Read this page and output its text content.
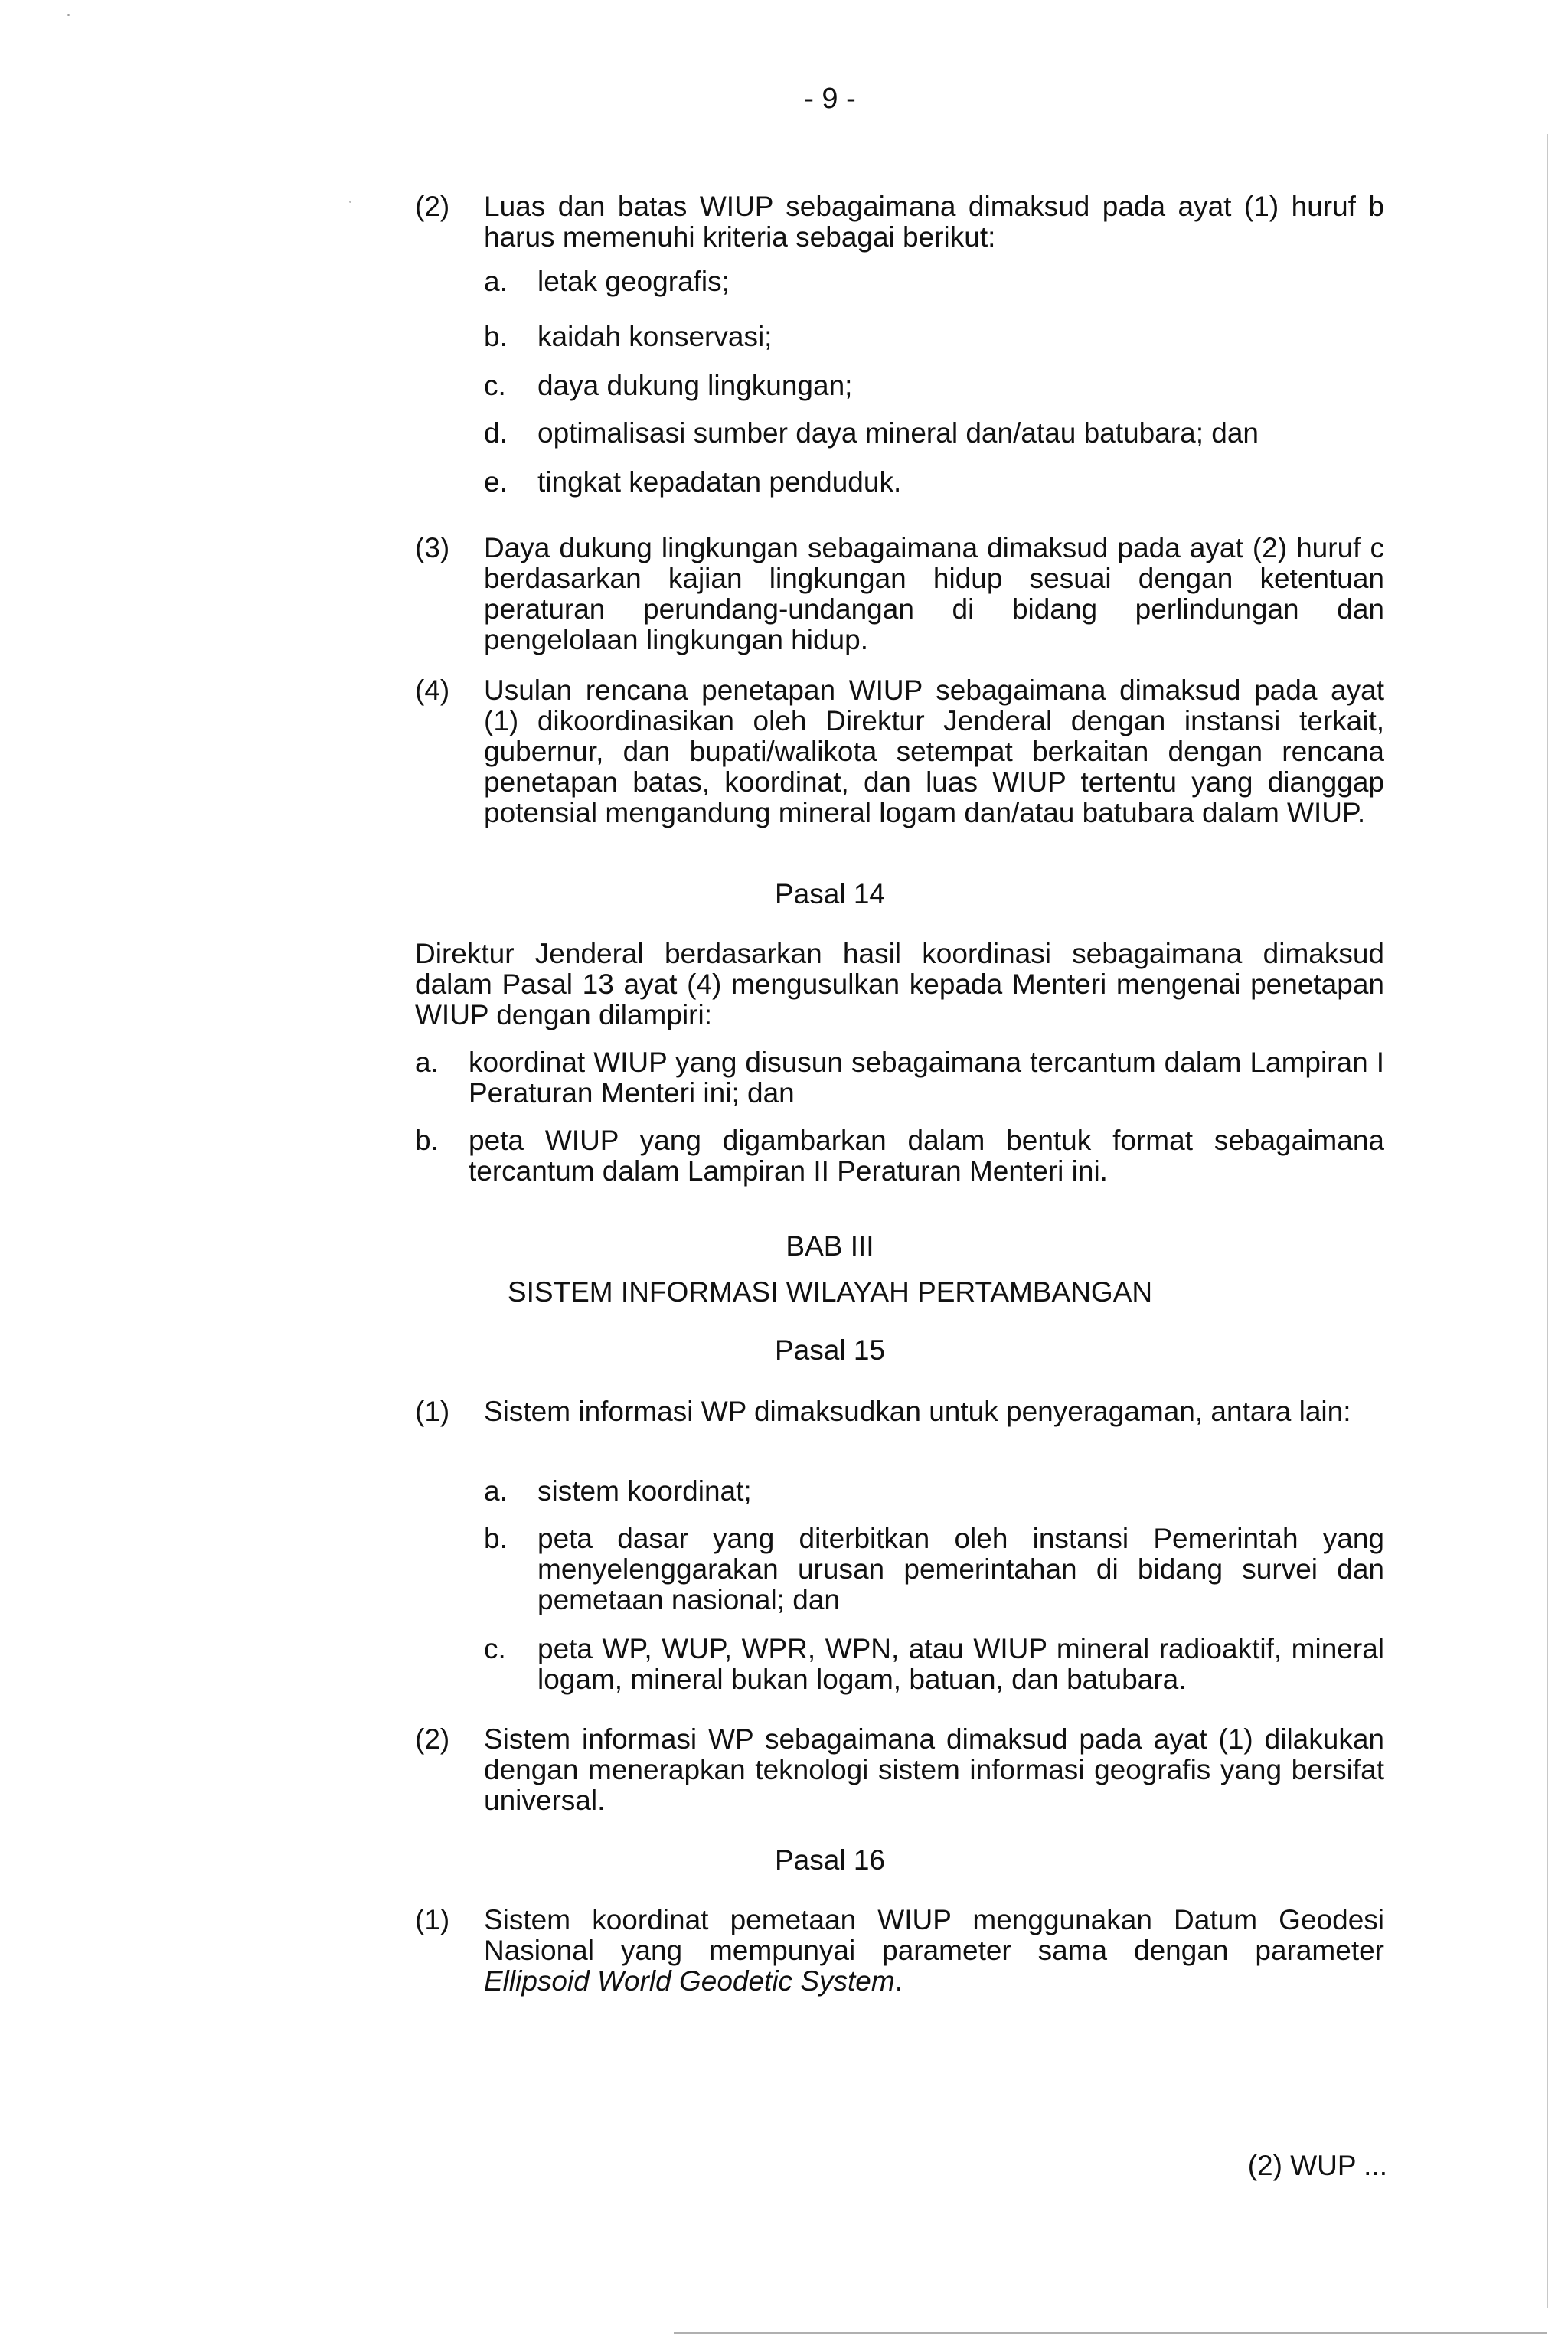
- 9 -
(2) Luas dan batas WIUP sebagaimana dimaksud pada ayat (1) huruf b harus memenuhi kriteria sebagai berikut:
a. letak geografis;
b. kaidah konservasi;
c. daya dukung lingkungan;
d. optimalisasi sumber daya mineral dan/atau batubara; dan
e. tingkat kepadatan penduduk.
(3) Daya dukung lingkungan sebagaimana dimaksud pada ayat (2) huruf c berdasarkan kajian lingkungan hidup sesuai dengan ketentuan peraturan perundang-undangan di bidang perlindungan dan pengelolaan lingkungan hidup.
(4) Usulan rencana penetapan WIUP sebagaimana dimaksud pada ayat (1) dikoordinasikan oleh Direktur Jenderal dengan instansi terkait, gubernur, dan bupati/walikota setempat berkaitan dengan rencana penetapan batas, koordinat, dan luas WIUP tertentu yang dianggap potensial mengandung mineral logam dan/atau batubara dalam WIUP.
Pasal 14
Direktur Jenderal berdasarkan hasil koordinasi sebagaimana dimaksud dalam Pasal 13 ayat (4) mengusulkan kepada Menteri mengenai penetapan WIUP dengan dilampiri:
a. koordinat WIUP yang disusun sebagaimana tercantum dalam Lampiran I Peraturan Menteri ini; dan
b. peta WIUP yang digambarkan dalam bentuk format sebagaimana tercantum dalam Lampiran II Peraturan Menteri ini.
BAB III
SISTEM INFORMASI WILAYAH PERTAMBANGAN
Pasal 15
(1) Sistem informasi WP dimaksudkan untuk penyeragaman, antara lain:
a. sistem koordinat;
b. peta dasar yang diterbitkan oleh instansi Pemerintah yang menyelenggarakan urusan pemerintahan di bidang survei dan pemetaan nasional; dan
c. peta WP, WUP, WPR, WPN, atau WIUP mineral radioaktif, mineral logam, mineral bukan logam, batuan, dan batubara.
(2) Sistem informasi WP sebagaimana dimaksud pada ayat (1) dilakukan dengan menerapkan teknologi sistem informasi geografis yang bersifat universal.
Pasal 16
(1) Sistem koordinat pemetaan WIUP menggunakan Datum Geodesi Nasional yang mempunyai parameter sama dengan parameter Ellipsoid World Geodetic System.
(2) WUP ...
